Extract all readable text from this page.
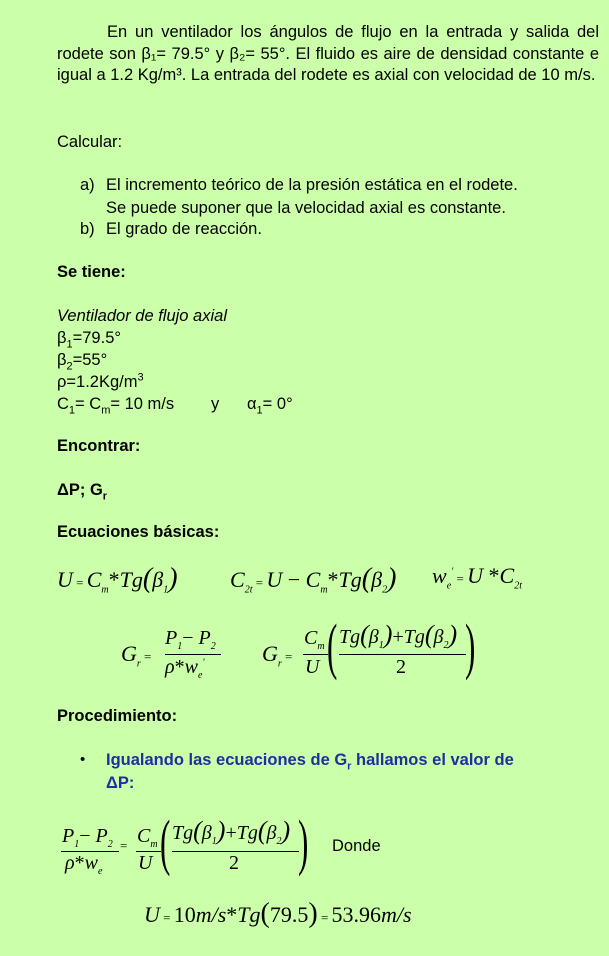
En un ventilador los ángulos de flujo en la entrada y salida del rodete son β₁= 79.5° y β₂= 55°. El fluido es aire de densidad constante e igual a 1.2 Kg/m³. La entrada del rodete es axial con velocidad de 10 m/s.
Calcular:
a) El incremento teórico de la presión estática en el rodete.
Se puede suponer que la velocidad axial es constante.
b) El grado de reacción.
Se tiene:
Ventilador de flujo axial
$\beta_1=79.5^\circ$
$\beta_2=55^\circ$
$\rho=1.2Kg/m^3$
$C_1= C_m= 10$ m/s y $\alpha_1= 0^\circ$
Encontrar:
ΔP; $G_r$
Ecuaciones básicas:
$U = C_m*Tg(\beta_1) C_{2t} = U - C_m*Tg(\beta_2) w_e' = U$ $*C_{2t}$
$G_r$ =
$P_1- P_2$
$\rho*w_e'$	$G_r$ =
$C_m$
U ( $Tg(\beta_1)+Tg(\beta_2)$
2 )
Procedimiento:
• Igualando las ecuaciones de $G_r$ hallamos el valor de
ΔP:
$P_1- P_2$
$\rho*w_e$
= $C_m$
U ( $Tg(\beta_1)+Tg(\beta_2)$
2 ) Donde
U = 10m/s*Tg(79.5) = 53.96m/s
